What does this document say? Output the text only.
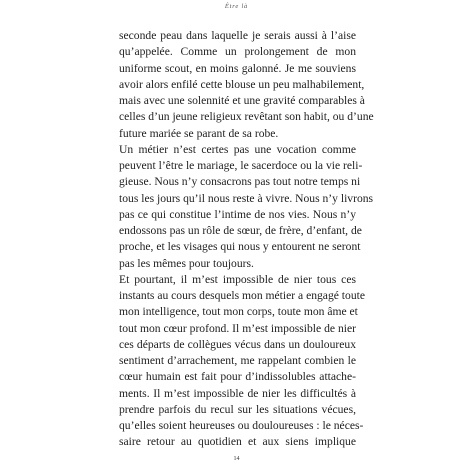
Être là

seconde peau dans laquelle je serais aussi à l’aise
qu’appelée. Comme un prolongement de mon
uniforme scout, en moins galonné. Je me souviens
avoir alors enfilé cette blouse un peu malhabilement,
mais avec une solennité et une gravité comparables à
celles d’un jeune religieux revêtant son habit, ou d’une
future mariée se parant de sa robe.

Un métier n’est certes pas une vocation comme
peuvent l’être le mariage, le sacerdoce ou la vie reli-
gieuse. Nous n’y consacrons pas tout notre temps ni
tous les jours qu’il nous reste à vivre. Nous n’y livrons
pas ce qui constitue l’intime de nos vies. Nous n’y
endossons pas un rôle de sœur, de frère, d’enfant, de
proche, et les visages qui nous y entourent ne seront
pas les mêmes pour toujours.

Et pourtant, il m’est impossible de nier tous ces
instants au cours desquels mon métier a engagé toute
mon intelligence, tout mon corps, toute mon âme et
tout mon cœur profond. Il m’est impossible de nier
ces départs de collègues vécus dans un douloureux
sentiment d’arrachement, me rappelant combien le
cœur humain est fait pour d’indissolubles attache-
ments. Il m’est impossible de nier les difficultés à
prendre parfois du recul sur les situations vécues,
qu’elles soient heureuses ou douloureuses : le néces-
saire retour au quotidien et aux siens implique

14
